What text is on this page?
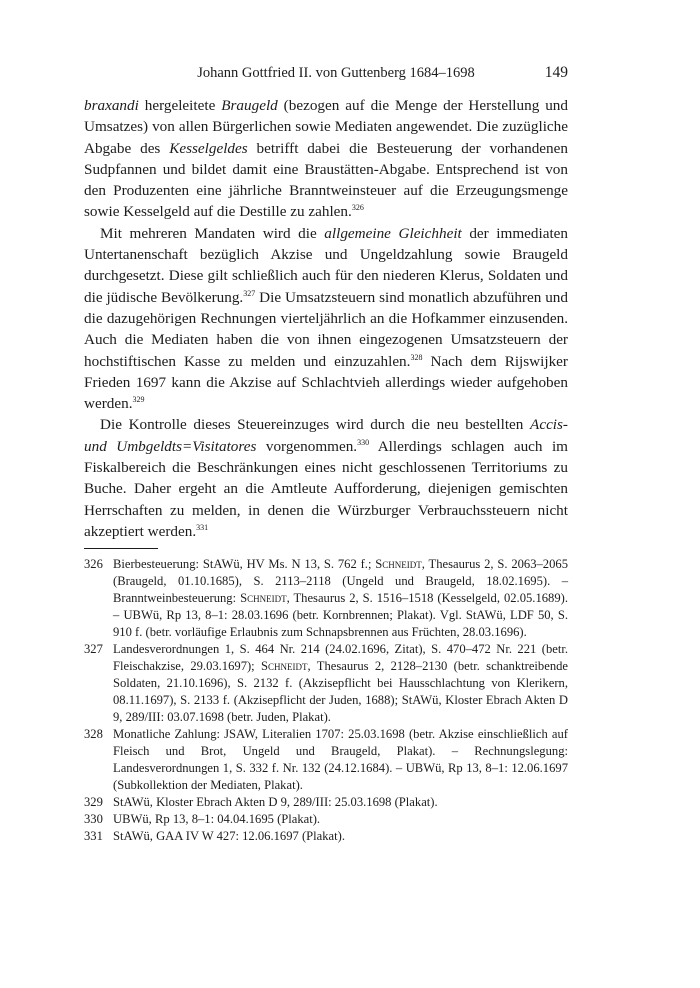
Johann Gottfried II. von Guttenberg 1684–1698	149

braxandi hergeleitete Braugeld (bezogen auf die Menge der Herstellung und Umsatzes) von allen Bürgerlichen sowie Mediaten angewendet. Die zuzügliche Abgabe des Kesselgeldes betrifft dabei die Besteuerung der vorhandenen Sudpfannen und bildet damit eine Braustätten-Abgabe. Entsprechend ist von den Produzenten eine jährliche Branntweinsteuer auf die Erzeugungsmenge sowie Kesselgeld auf die Destille zu zahlen.$^{326}$

Mit mehreren Mandaten wird die allgemeine Gleichheit der immediaten Untertanenschaft bezüglich Akzise und Ungeldzahlung sowie Braugeld durchgesetzt. Diese gilt schließlich auch für den niederen Klerus, Soldaten und die jüdische Bevölkerung.$^{327}$ Die Umsatzsteuern sind monatlich abzuführen und die dazugehörigen Rechnungen vierteljährlich an die Hofkammer einzusenden. Auch die Mediaten haben die von ihnen eingezogenen Umsatzsteuern der hochstiftischen Kasse zu melden und einzuzahlen.$^{328}$ Nach dem Rijswijker Frieden 1697 kann die Akzise auf Schlachtvieh allerdings wieder aufgehoben werden.$^{329}$

Die Kontrolle dieses Steuereinzuges wird durch die neu bestellten Accis- und Umbgeldts=Visitatores vorgenommen.$^{330}$ Allerdings schlagen auch im Fiskalbereich die Beschränkungen eines nicht geschlossenen Territoriums zu Buche. Daher ergeht an die Amtleute Aufforderung, diejenigen gemischten Herrschaften zu melden, in denen die Würzburger Verbrauchssteuern nicht akzeptiert werden.$^{331}$

326 Bierbesteuerung: StAWü, HV Ms. N 13, S. 762 f.; Schneidt, Thesaurus 2, S. 2063–2065 (Braugeld, 01.10.1685), S. 2113–2118 (Ungeld und Braugeld, 18.02.1695). – Branntweinbesteuerung: Schneidt, Thesaurus 2, S. 1516–1518 (Kesselgeld, 02.05.1689). – UBWü, Rp 13, 8–1: 28.03.1696 (betr. Kornbrennen; Plakat). Vgl. StAWü, LDF 50, S. 910 f. (betr. vorläufige Erlaubnis zum Schnapsbrennen aus Früchten, 28.03.1696).

327 Landesverordnungen 1, S. 464 Nr. 214 (24.02.1696, Zitat), S. 470–472 Nr. 221 (betr. Fleischakzise, 29.03.1697); Schneidt, Thesaurus 2, 2128–2130 (betr. schanktreibende Soldaten, 21.10.1696), S. 2132 f. (Akzisepflicht bei Hausschlachtung von Klerikern, 08.11.1697), S. 2133 f. (Akzisepflicht der Juden, 1688); StAWü, Kloster Ebrach Akten D 9, 289/III: 03.07.1698 (betr. Juden, Plakat).

328 Monatliche Zahlung: JSAW, Literalien 1707: 25.03.1698 (betr. Akzise einschließlich auf Fleisch und Brot, Ungeld und Braugeld, Plakat). – Rechnungslegung: Landesverordnungen 1, S. 332 f. Nr. 132 (24.12.1684). – UBWü, Rp 13, 8–1: 12.06.1697 (Subkollektion der Mediaten, Plakat).

329 StAWü, Kloster Ebrach Akten D 9, 289/III: 25.03.1698 (Plakat).

330 UBWü, Rp 13, 8–1: 04.04.1695 (Plakat).

331 StAWü, GAA IV W 427: 12.06.1697 (Plakat).
